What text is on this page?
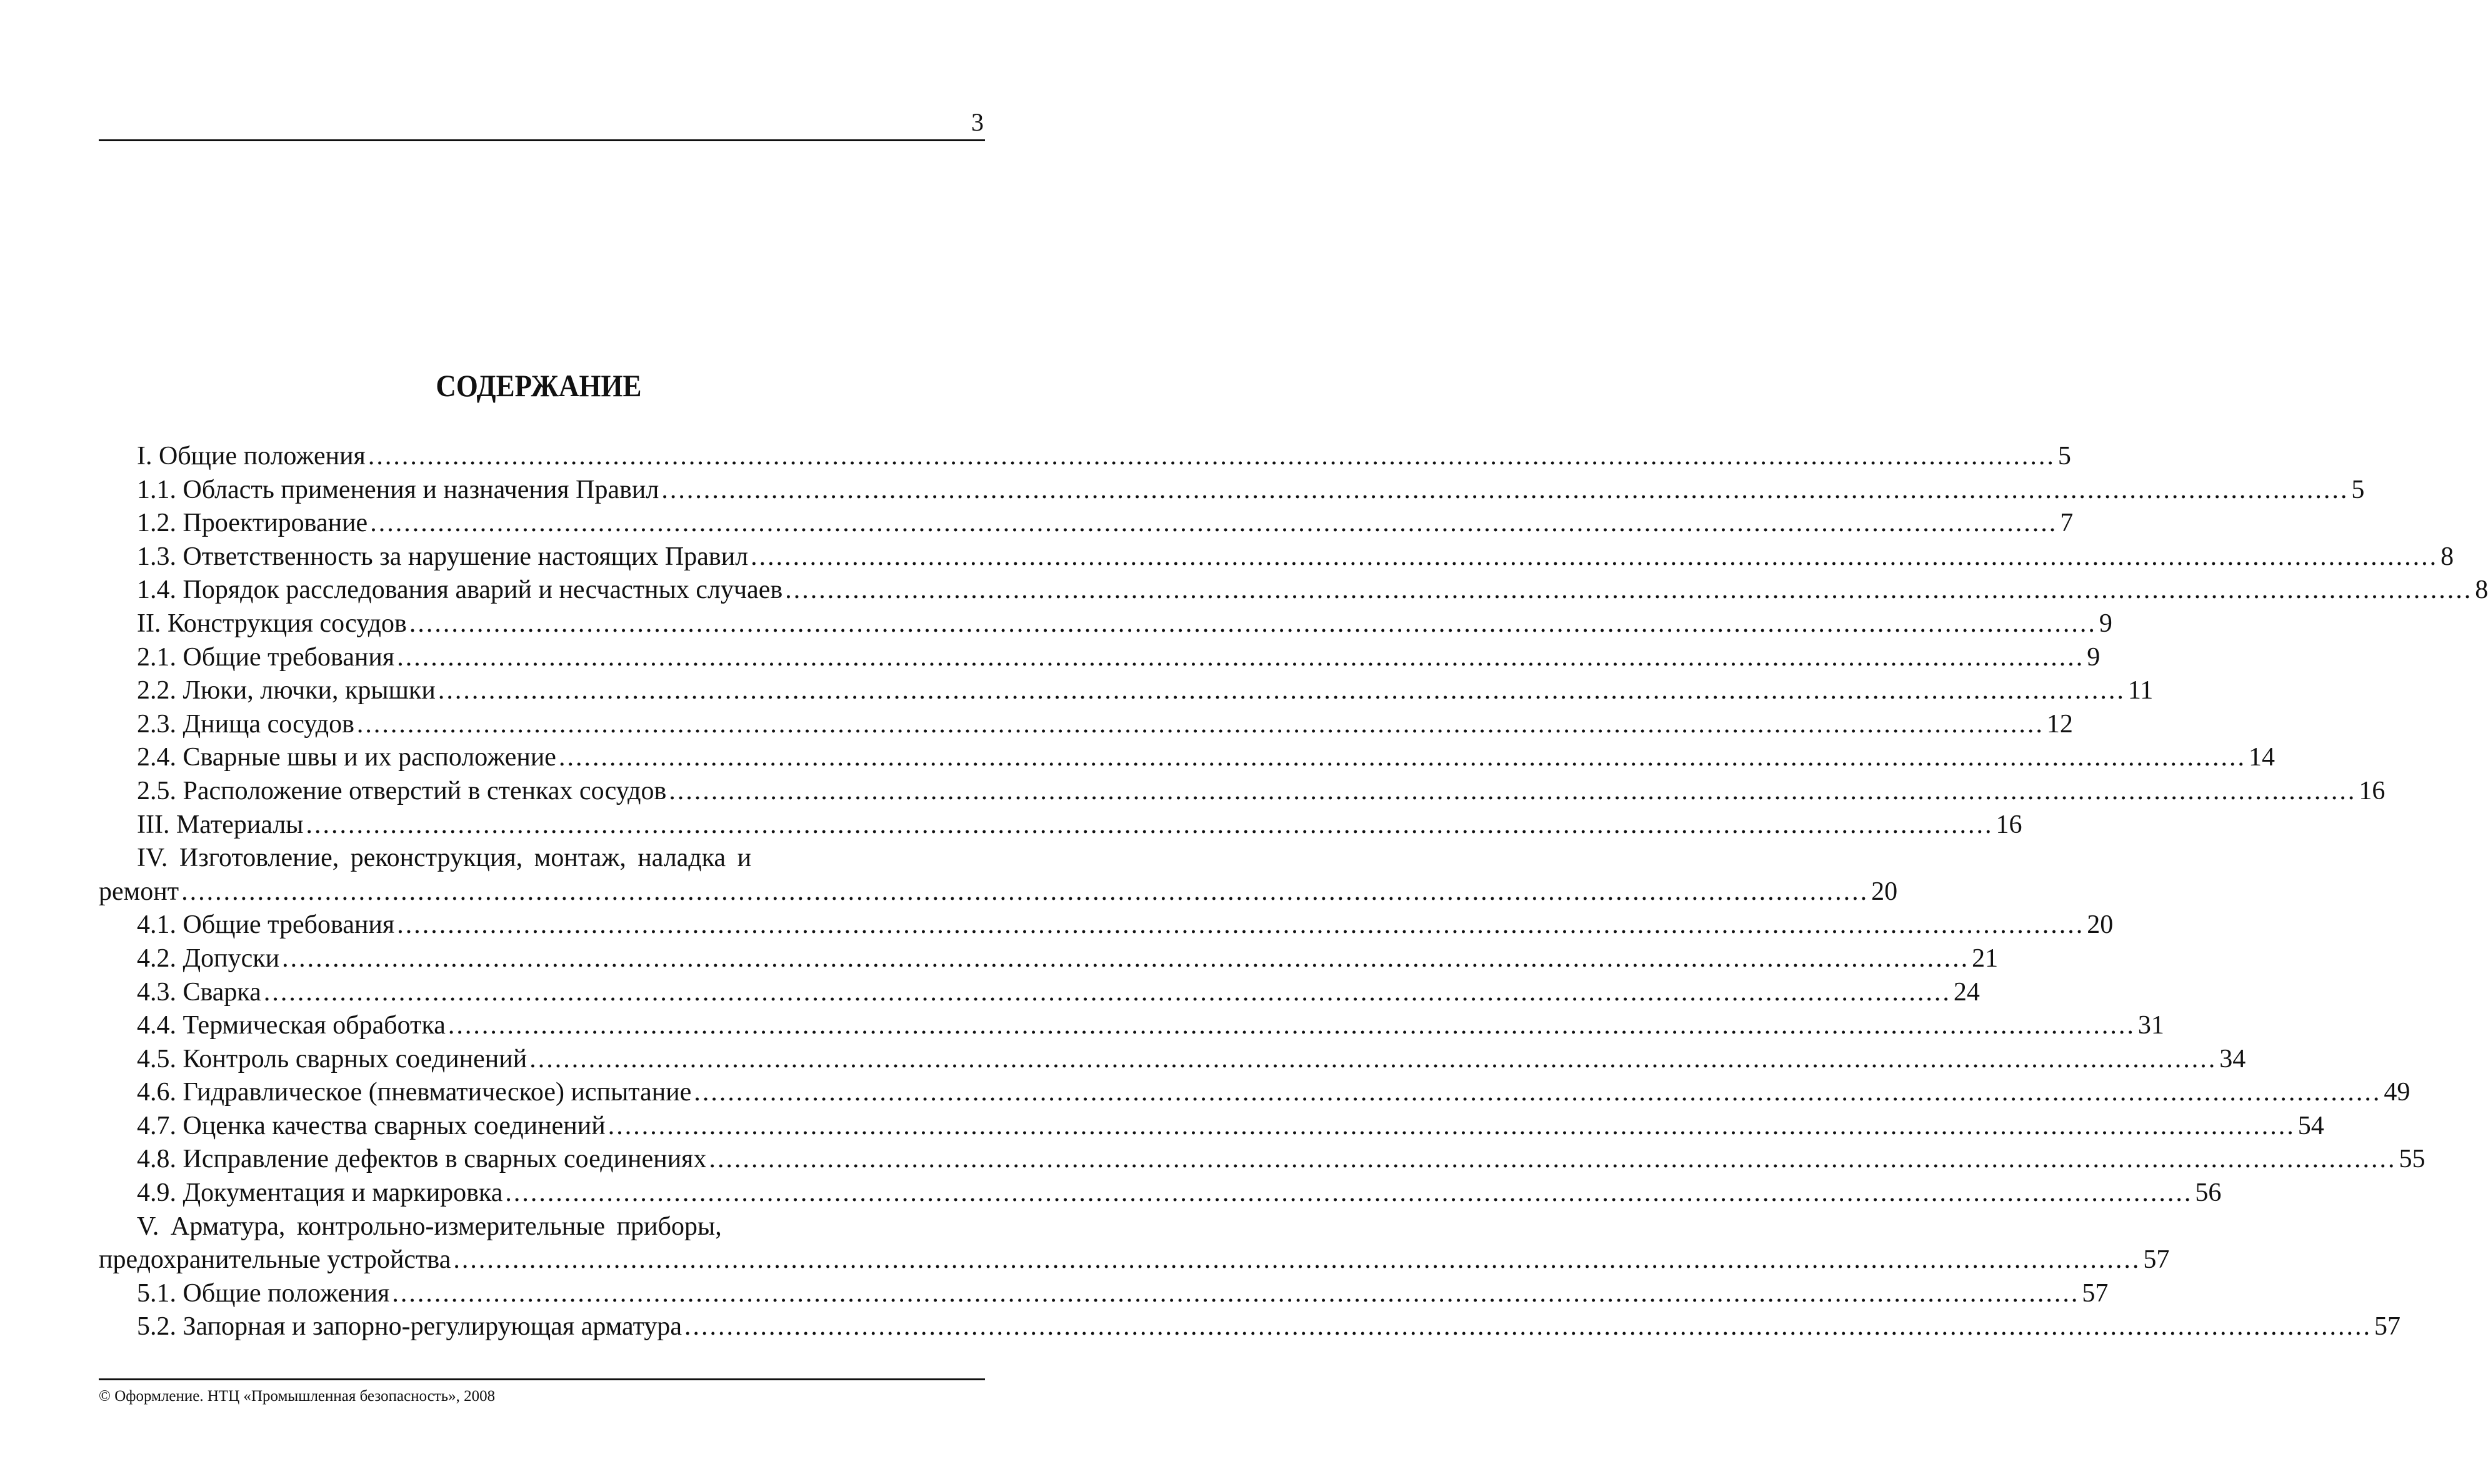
3
СОДЕРЖАНИЕ
I. Общие положения ........................................................................................................................................................................................................ 5
1.1. Область применения и назначения Правил ........................................................................................................................................................................................................ 5
1.2. Проектирование ........................................................................................................................................................................................................ 7
1.3. Ответственность за нарушение настоящих Правил ........................................................................................................................................................................................................ 8
1.4. Порядок расследования аварий и несчастных случаев ........................................................................................................................................................................................................ 8
II. Конструкция сосудов ........................................................................................................................................................................................................ 9
2.1. Общие требования ........................................................................................................................................................................................................ 9
2.2. Люки, лючки, крышки ........................................................................................................................................................................................................ 11
2.3. Днища сосудов ........................................................................................................................................................................................................ 12
2.4. Сварные швы и их расположение ........................................................................................................................................................................................................ 14
2.5. Расположение отверстий в стенках сосудов ........................................................................................................................................................................................................ 16
III. Материалы ........................................................................................................................................................................................................ 16
IV. Изготовление, реконструкция, монтаж, наладка и
ремонт ........................................................................................................................................................................................................ 20
4.1. Общие требования ........................................................................................................................................................................................................ 20
4.2. Допуски ........................................................................................................................................................................................................ 21
4.3. Сварка ........................................................................................................................................................................................................ 24
4.4. Термическая обработка ........................................................................................................................................................................................................ 31
4.5. Контроль сварных соединений ........................................................................................................................................................................................................ 34
4.6. Гидравлическое (пневматическое) испытание ........................................................................................................................................................................................................ 49
4.7. Оценка качества сварных соединений ........................................................................................................................................................................................................ 54
4.8. Исправление дефектов в сварных соединениях ........................................................................................................................................................................................................ 55
4.9. Документация и маркировка ........................................................................................................................................................................................................ 56
V. Арматура, контрольно-измерительные приборы,
предохранительные устройства ........................................................................................................................................................................................................ 57
5.1. Общие положения ........................................................................................................................................................................................................ 57
5.2. Запорная и запорно-регулирующая арматура ........................................................................................................................................................................................................ 57
© Оформление. НТЦ «Промышленная безопасность», 2008
